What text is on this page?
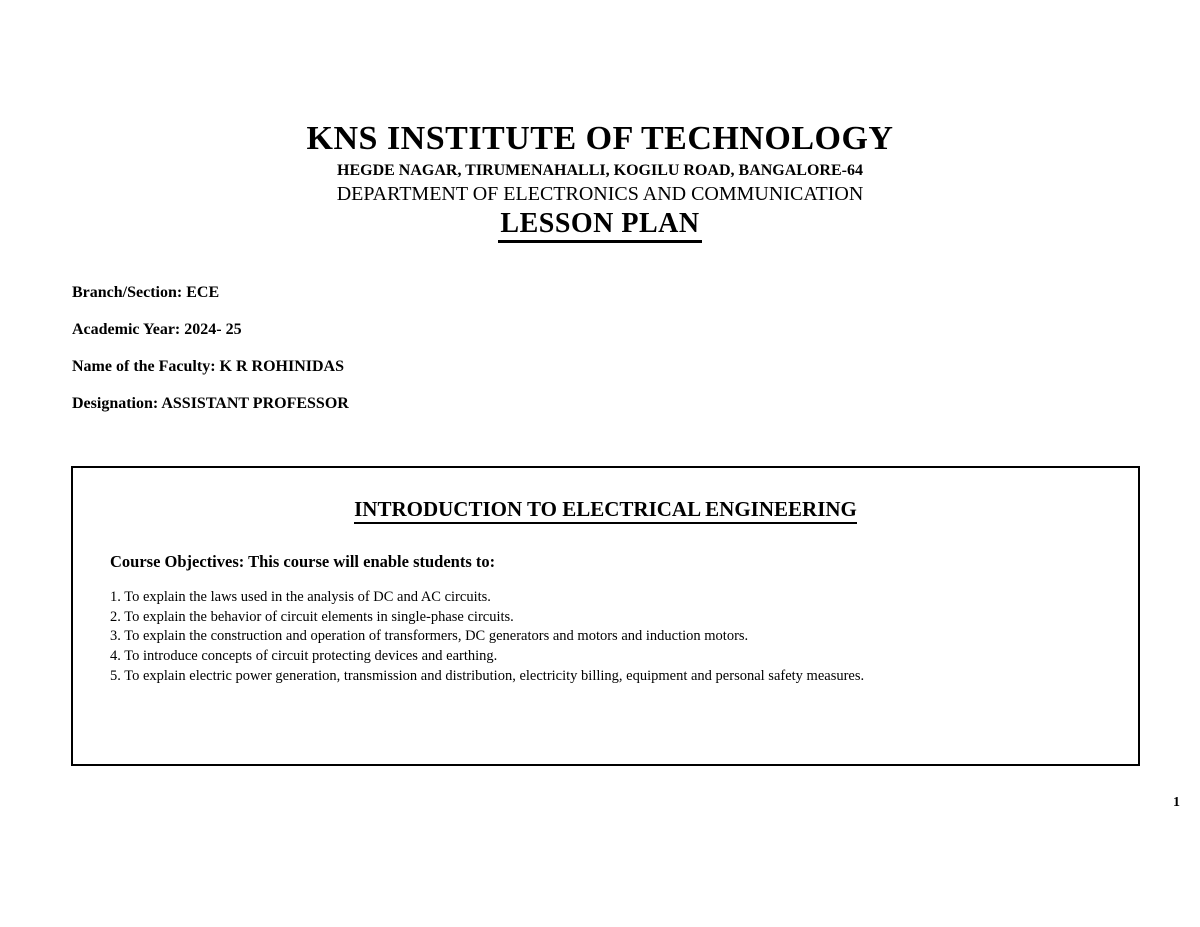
KNS INSTITUTE OF TECHNOLOGY
HEGDE NAGAR, TIRUMENAHALLI, KOGILU ROAD, BANGALORE-64
DEPARTMENT OF ELECTRONICS AND COMMUNICATION
LESSON PLAN
Branch/Section: ECE
Academic Year: 2024- 25
Name of the Faculty: K R ROHINIDAS
Designation: ASSISTANT PROFESSOR
INTRODUCTION TO ELECTRICAL ENGINEERING
Course Objectives: This course will enable students to:
1. To explain the laws used in the analysis of DC and AC circuits.
2. To explain the behavior of circuit elements in single-phase circuits.
3. To explain the construction and operation of transformers, DC generators and motors and induction motors.
4. To introduce concepts of circuit protecting devices and earthing.
5. To explain electric power generation, transmission and distribution, electricity billing, equipment and personal safety measures.
1
